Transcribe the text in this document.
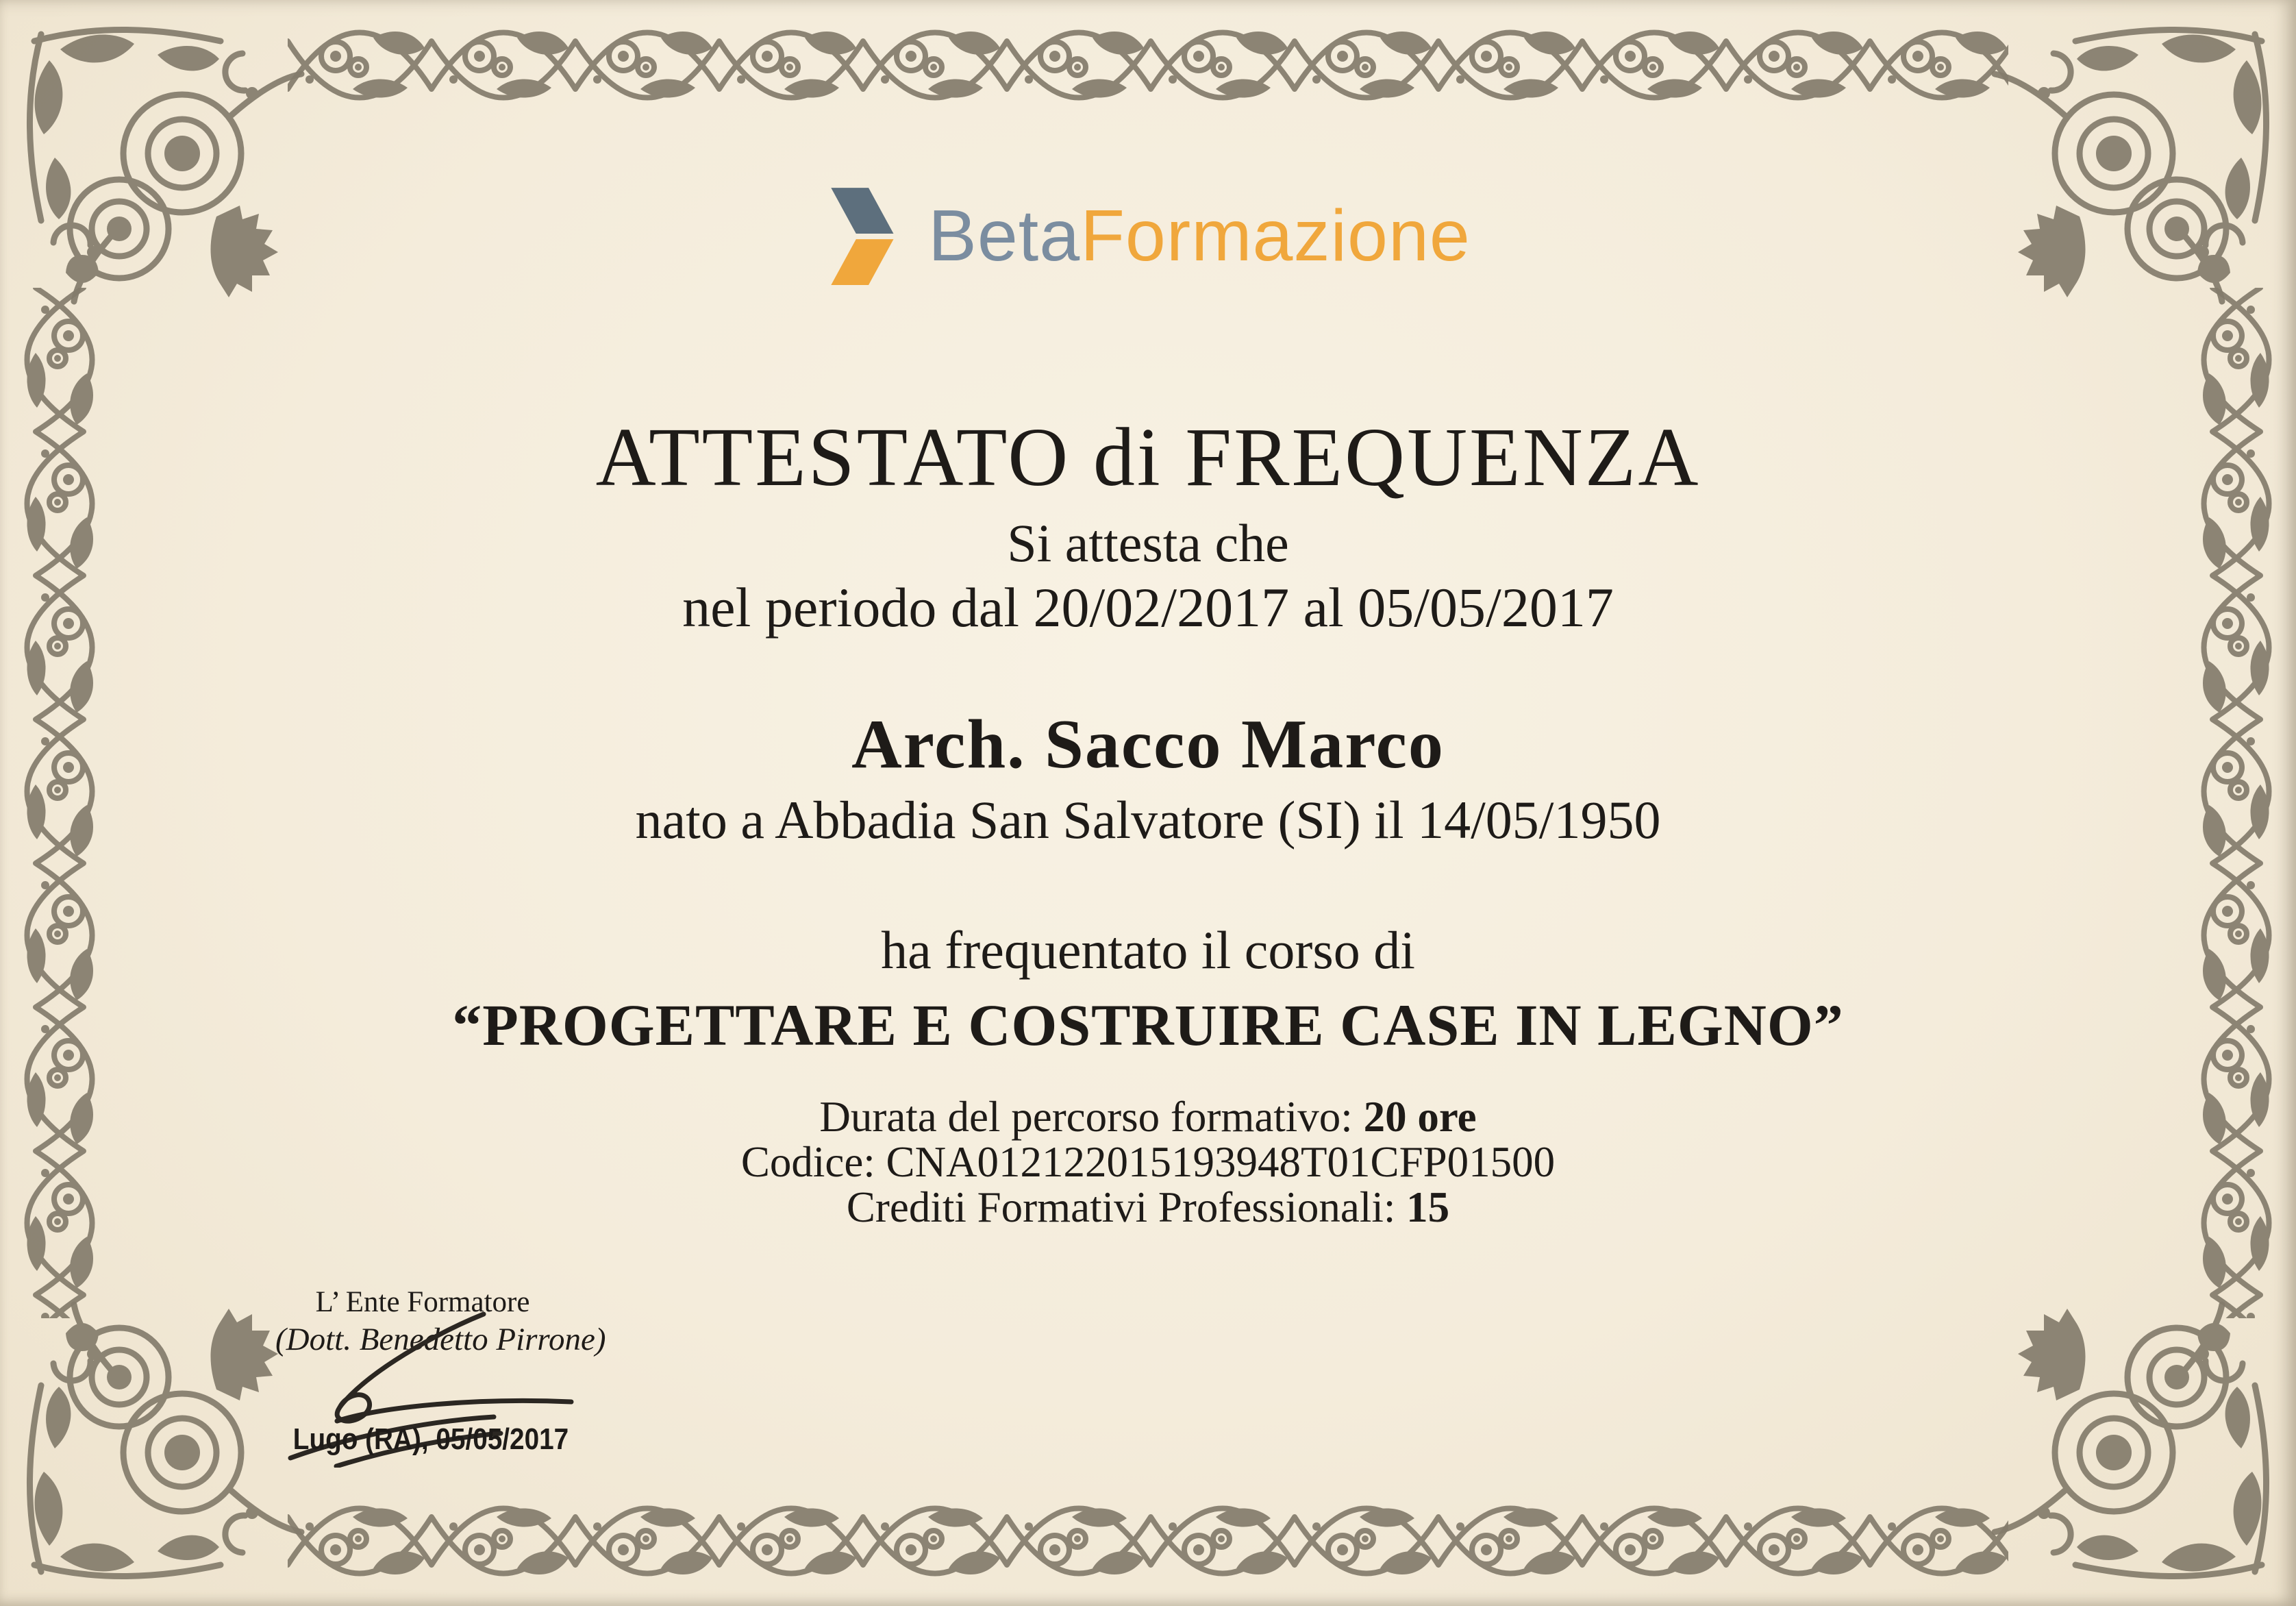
BetaFormazione
ATTESTATO di FREQUENZA
Si attesta che
nel periodo dal 20/02/2017 al 05/05/2017
Arch. Sacco Marco
nato a Abbadia San Salvatore (SI) il 14/05/1950
ha frequentato il corso di
“PROGETTARE E COSTRUIRE CASE IN LEGNO”
Durata del percorso formativo: 20 ore
Codice: CNA012122015193948T01CFP01500
Crediti Formativi Professionali: 15
L’ Ente Formatore
(Dott. Benedetto Pirrone)
Lugo (RA), 05/05/2017
